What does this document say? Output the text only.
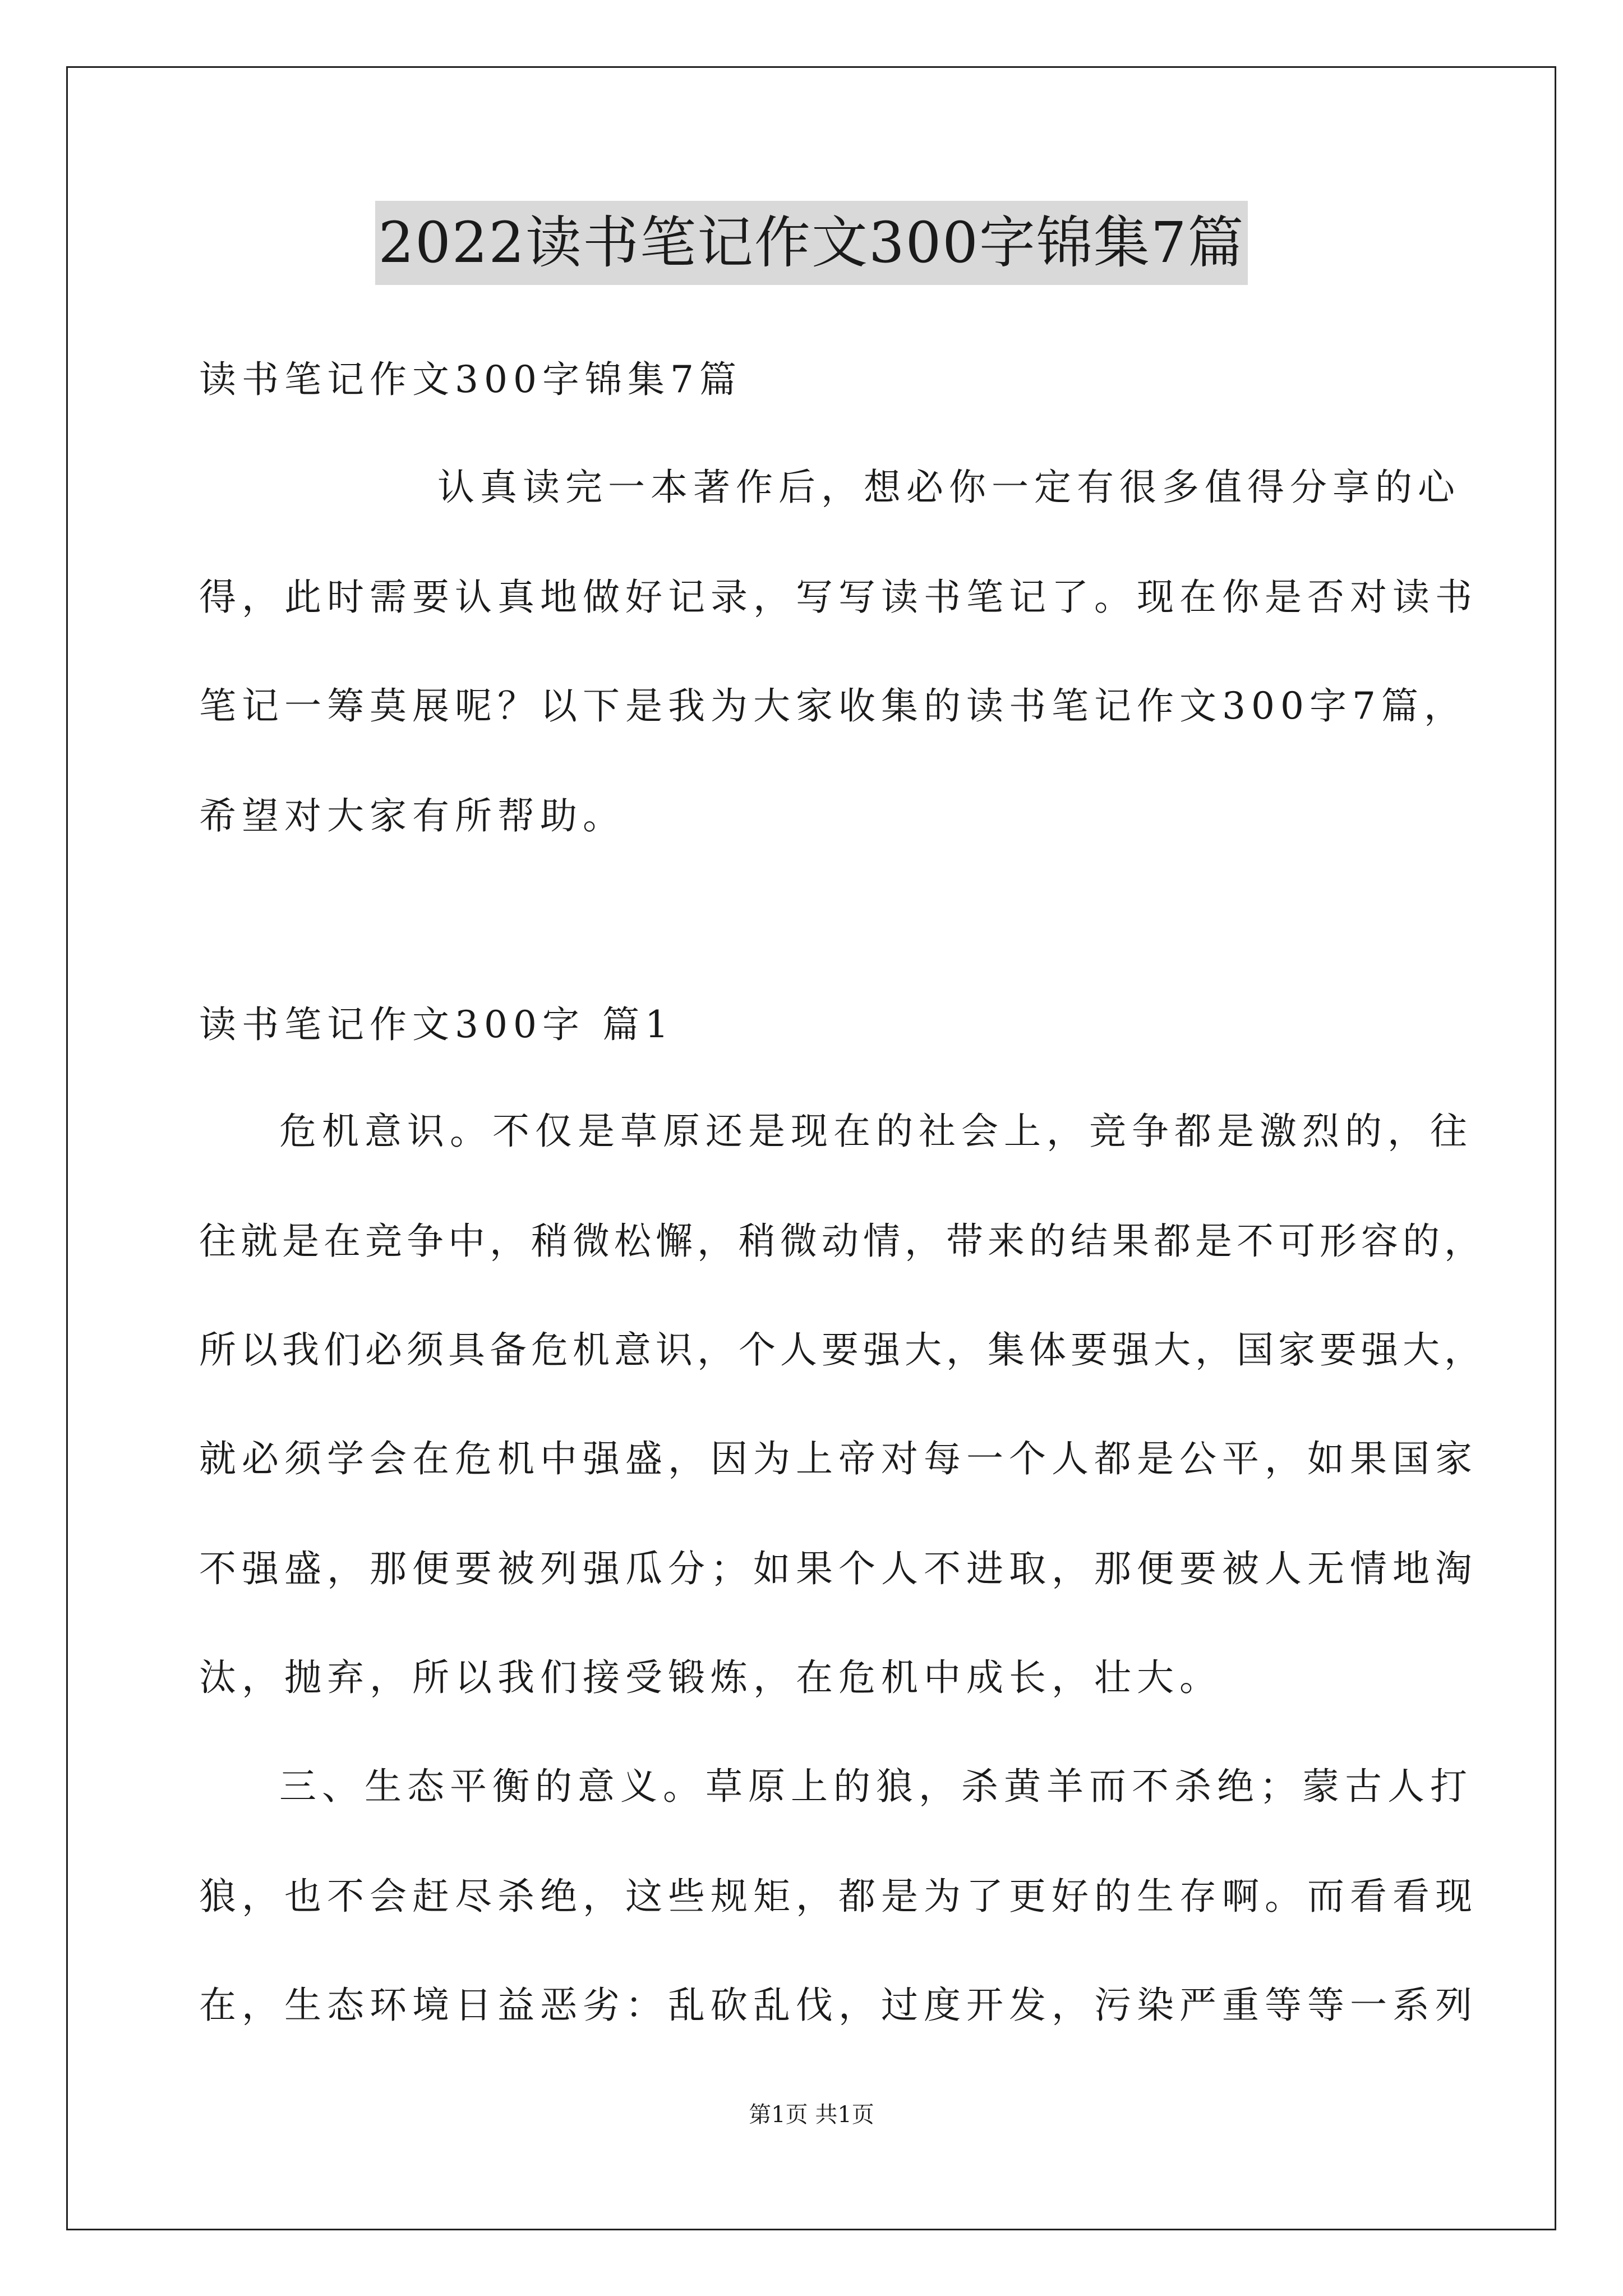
2022读书笔记作文300字锦集7篇
读书笔记作文300字锦集7篇
认真读完一本著作后，想必你一定有很多值得分享的心
得，此时需要认真地做好记录，写写读书笔记了。现在你是否对读书
笔记一筹莫展呢？以下是我为大家收集的读书笔记作文300字7篇，
希望对大家有所帮助。
读书笔记作文300字 篇1
危机意识。不仅是草原还是现在的社会上，竞争都是激烈的，往
往就是在竞争中，稍微松懈，稍微动情，带来的结果都是不可形容的，
所以我们必须具备危机意识，个人要强大，集体要强大，国家要强大，
就必须学会在危机中强盛，因为上帝对每一个人都是公平，如果国家
不强盛，那便要被列强瓜分；如果个人不进取，那便要被人无情地淘
汰，抛弃，所以我们接受锻炼，在危机中成长，壮大。
三、生态平衡的意义。草原上的狼，杀黄羊而不杀绝；蒙古人打
狼，也不会赶尽杀绝，这些规矩，都是为了更好的生存啊。而看看现
在，生态环境日益恶劣：乱砍乱伐，过度开发，污染严重等等一系列
第1页 共1页
